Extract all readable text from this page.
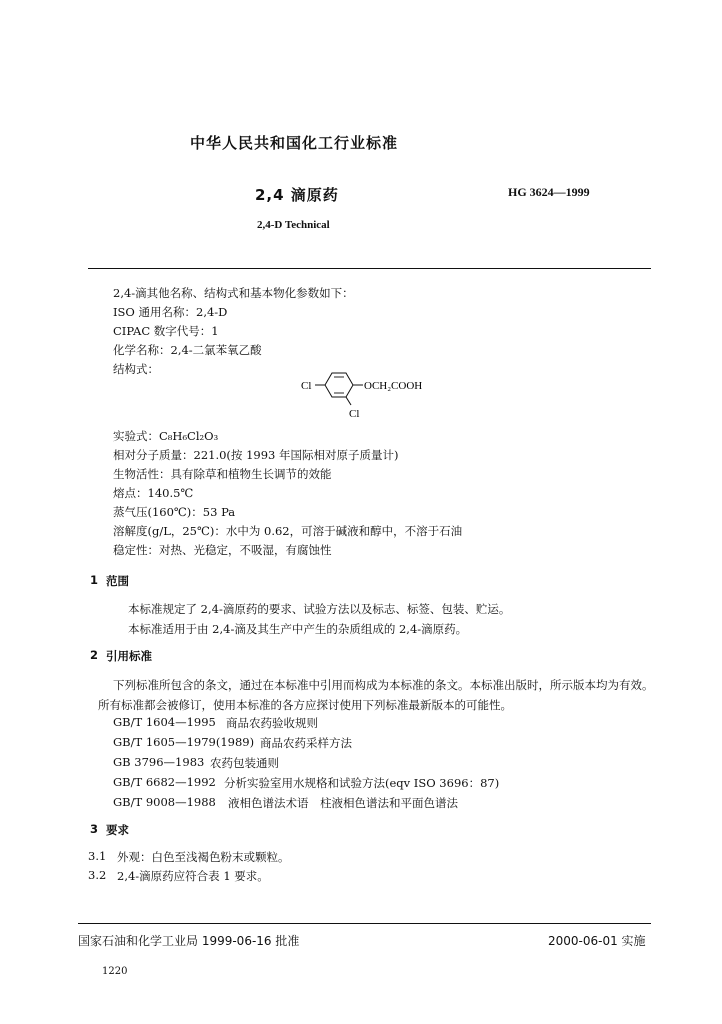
中华人民共和国化工行业标准
2,4 滴原药	HG 3624—1999
2,4-D Technical
2,4-滴其他名称、结构式和基本物化参数如下：
ISO 通用名称：2,4-D
CIPAC 数字代号：1
化学名称：2,4-二氯苯氧乙酸
结构式：
Cl	OCH₂COOH
Cl
实验式：C₈H₆Cl₂O₃
相对分子质量：221.0(按 1993 年国际相对原子质量计)
生物活性：具有除草和植物生长调节的效能
熔点：140.5℃
蒸气压(160℃)：53 Pa
溶解度(g/L，25℃)：水中为 0.62，可溶于碱液和醇中，不溶于石油
稳定性：对热、光稳定，不吸湿，有腐蚀性
1 范围
本标准规定了 2,4-滴原药的要求、试验方法以及标志、标签、包装、贮运。
本标准适用于由 2,4-滴及其生产中产生的杂质组成的 2,4-滴原药。
2 引用标准
下列标准所包含的条文，通过在本标准中引用而构成为本标准的条文。本标准出版时，所示版本均为有效。所有标准都会被修订，使用本标准的各方应探讨使用下列标准最新版本的可能性。
GB/T 1604—1995 商品农药验收规则
GB/T 1605—1979(1989) 商品农药采样方法
GB 3796—1983 农药包装通则
GB/T 6682—1992 分析实验室用水规格和试验方法(eqv ISO 3696：87)
GB/T 9008—1988 液相色谱法术语　柱液相色谱法和平面色谱法
3 要求
3.1 外观：白色至浅褐色粉末或颗粒。
3.2 2,4-滴原药应符合表 1 要求。
国家石油和化学工业局 1999-06-16 批准	2000-06-01 实施
1220
